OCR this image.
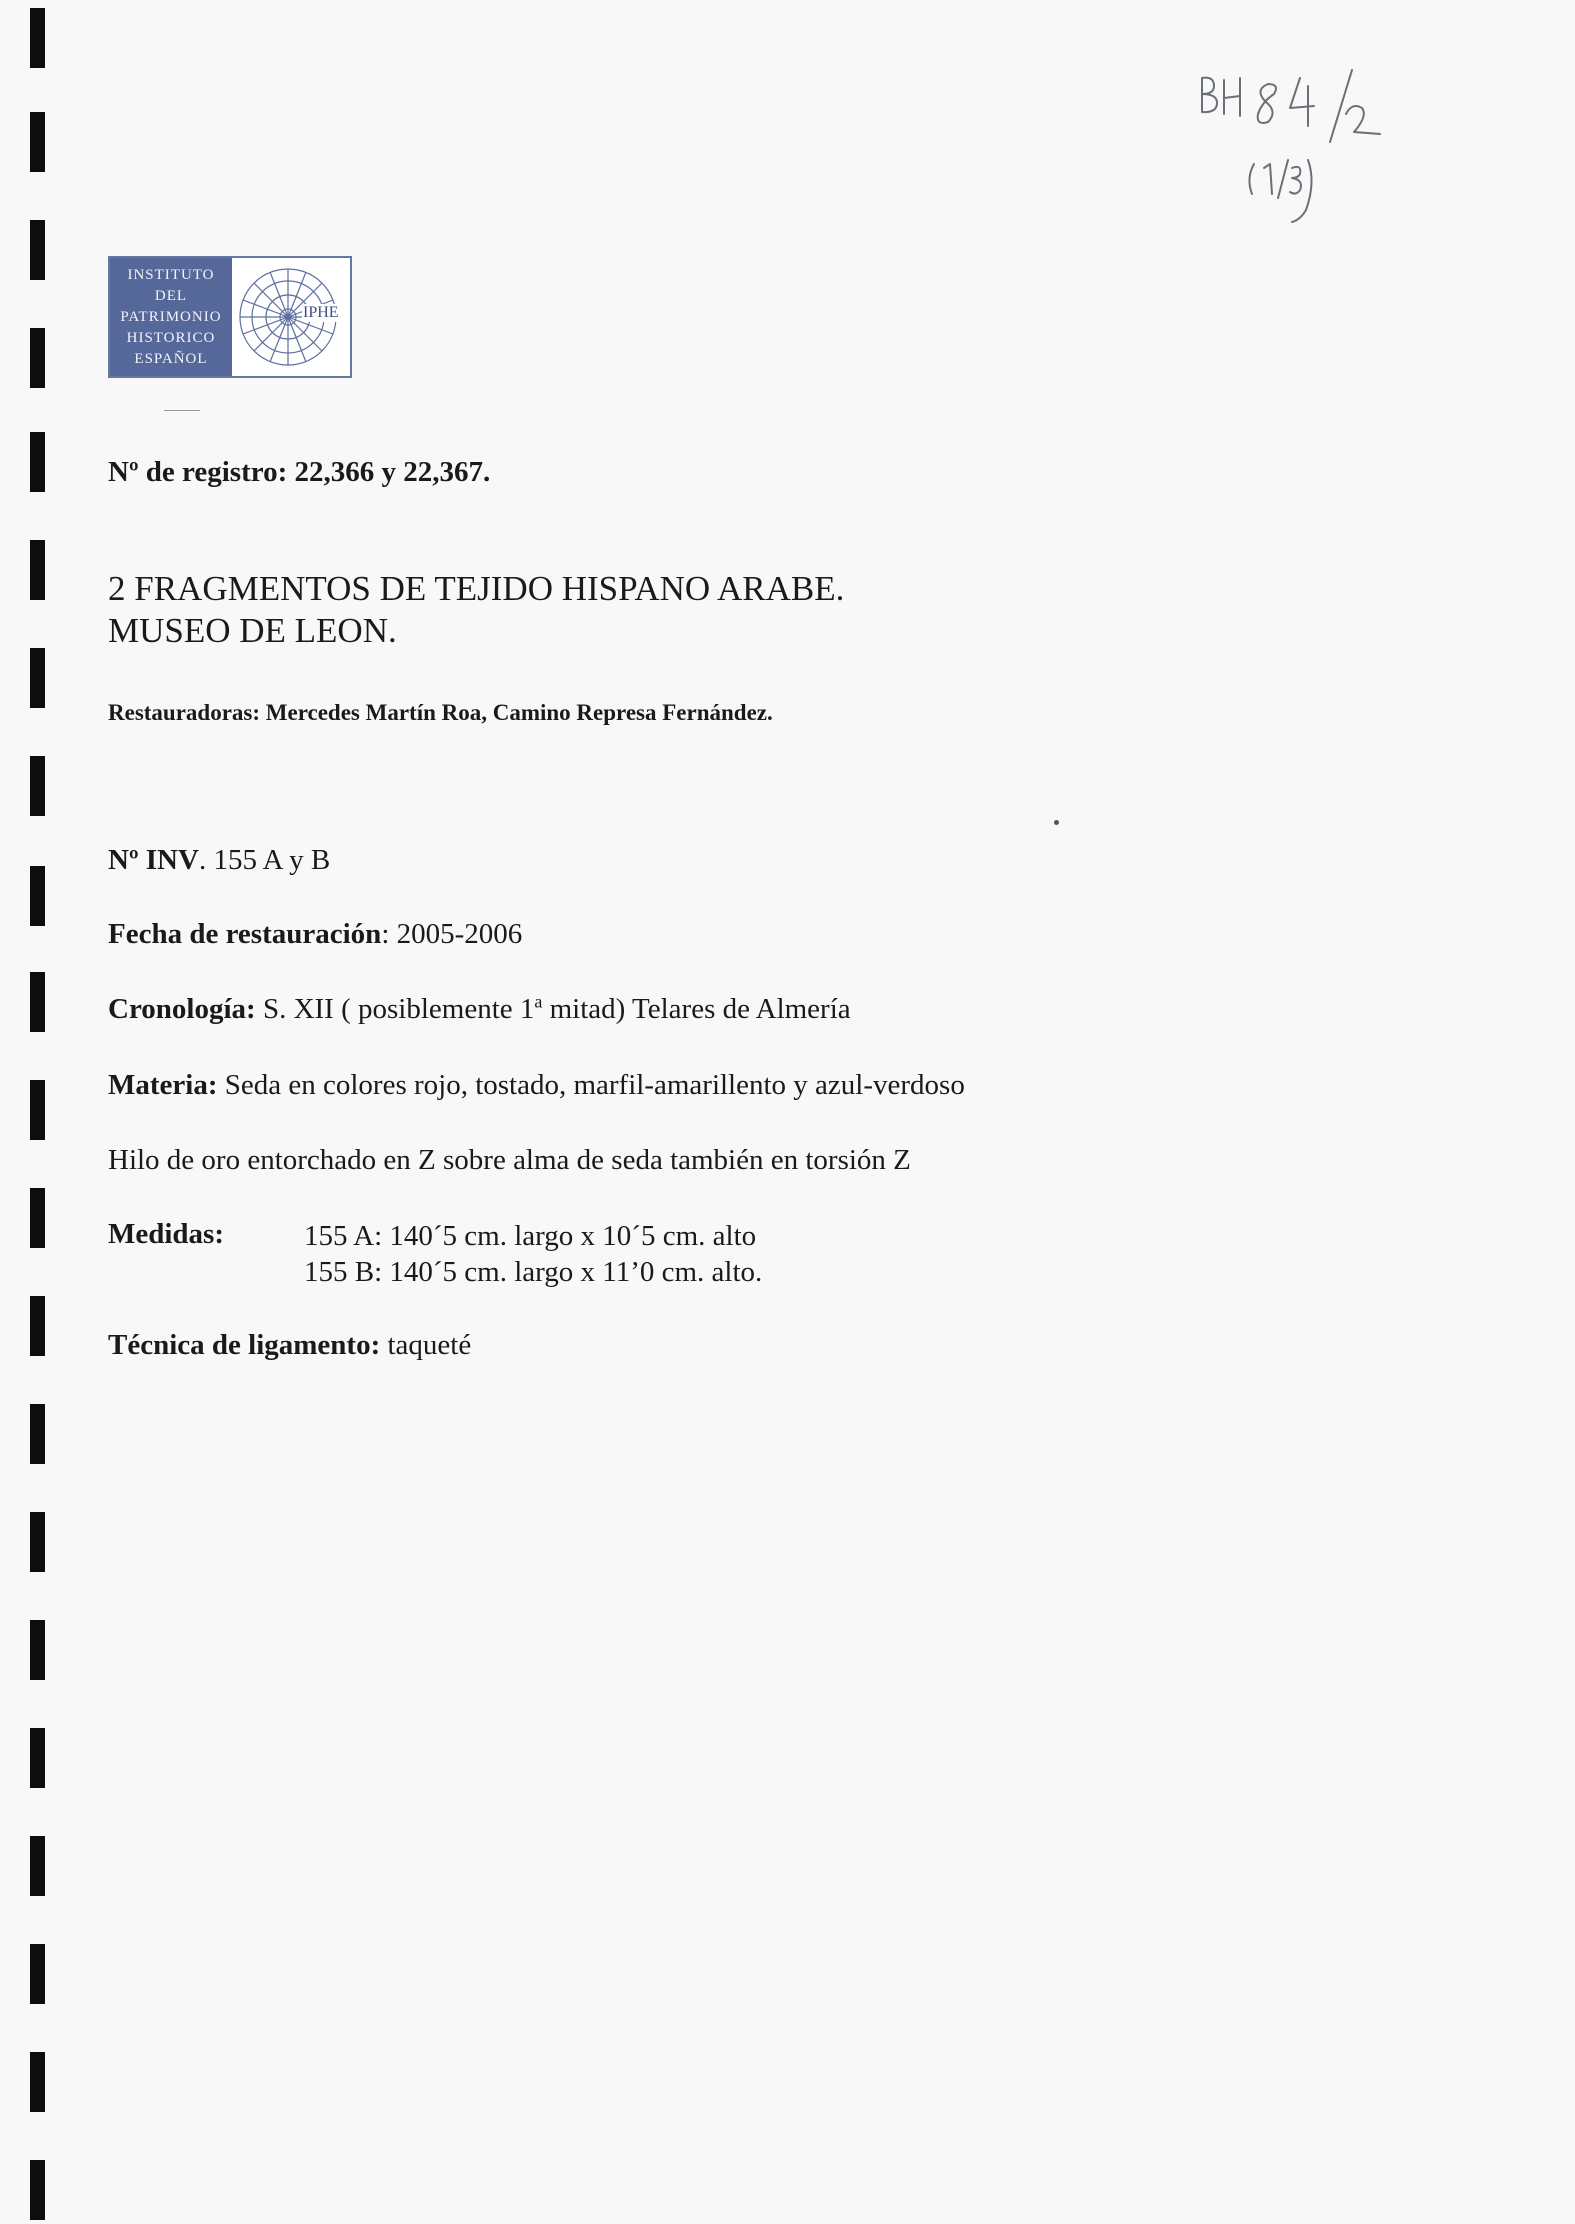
INSTITUTO
DEL
PATRIMONIO
HISTORICO
ESPAÑOL
IPHE
Nº de registro: 22,366 y 22,367.
2 FRAGMENTOS DE TEJIDO HISPANO ARABE.
MUSEO DE LEON.
Restauradoras: Mercedes Martín Roa, Camino Represa Fernández.
Nº INV. 155 A y B
Fecha de restauración: 2005-2006
Cronología: S. XII ( posiblemente 1$^a$ mitad) Telares de Almería
Materia: Seda en colores rojo, tostado, marfil-amarillento y azul-verdoso
Hilo de oro entorchado en Z sobre alma de seda también en torsión Z
Medidas:	155 A: 140´5 cm. largo x 10´5 cm. alto
155 B: 140´5 cm. largo x 11’0 cm. alto.
Técnica de ligamento: taqueté
